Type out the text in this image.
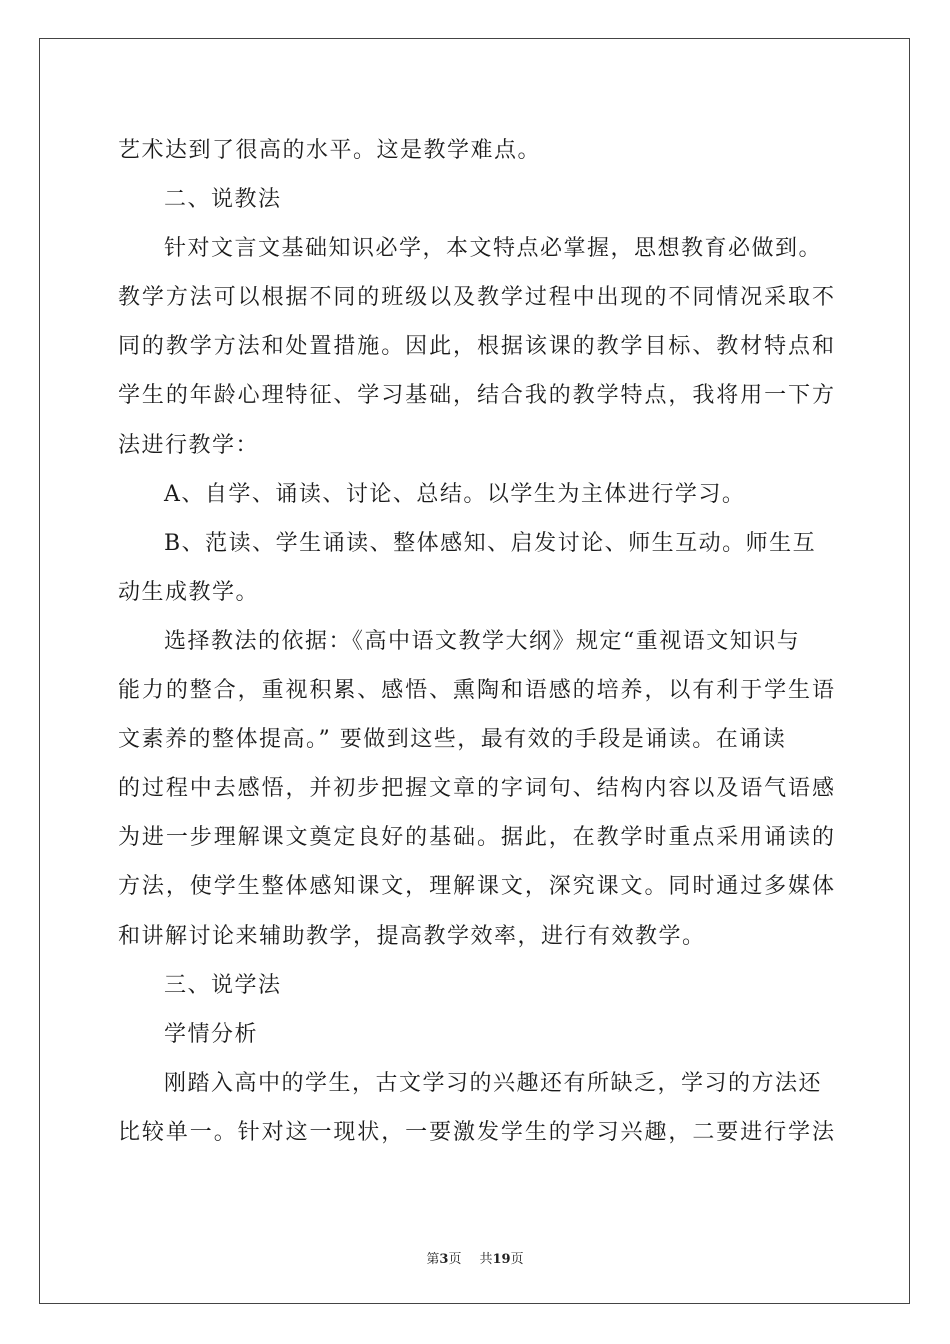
艺术达到了很高的水平。这是教学难点。
二、说教法
针对文言文基础知识必学，本文特点必掌握，思想教育必做到。
教学方法可以根据不同的班级以及教学过程中出现的不同情况采取不
同的教学方法和处置措施。因此，根据该课的教学目标、教材特点和
学生的年龄心理特征、学习基础，结合我的教学特点，我将用一下方
法进行教学：
A、自学、诵读、讨论、总结。以学生为主体进行学习。
B、范读、学生诵读、整体感知、启发讨论、师生互动。师生互
动生成教学。
选择教法的依据：《高中语文教学大纲》规定“重视语文知识与
能力的整合，重视积累、感悟、熏陶和语感的培养，以有利于学生语
文素养的整体提高。” 要做到这些，最有效的手段是诵读。在诵读
的过程中去感悟，并初步把握文章的字词句、结构内容以及语气语感
为进一步理解课文奠定良好的基础。据此，在教学时重点采用诵读的
方法，使学生整体感知课文，理解课文，深究课文。同时通过多媒体
和讲解讨论来辅助教学，提高教学效率，进行有效教学。
三、说学法
学情分析
刚踏入高中的学生，古文学习的兴趣还有所缺乏，学习的方法还
比较单一。针对这一现状，一要激发学生的学习兴趣，二要进行学法
第3页 共19页
